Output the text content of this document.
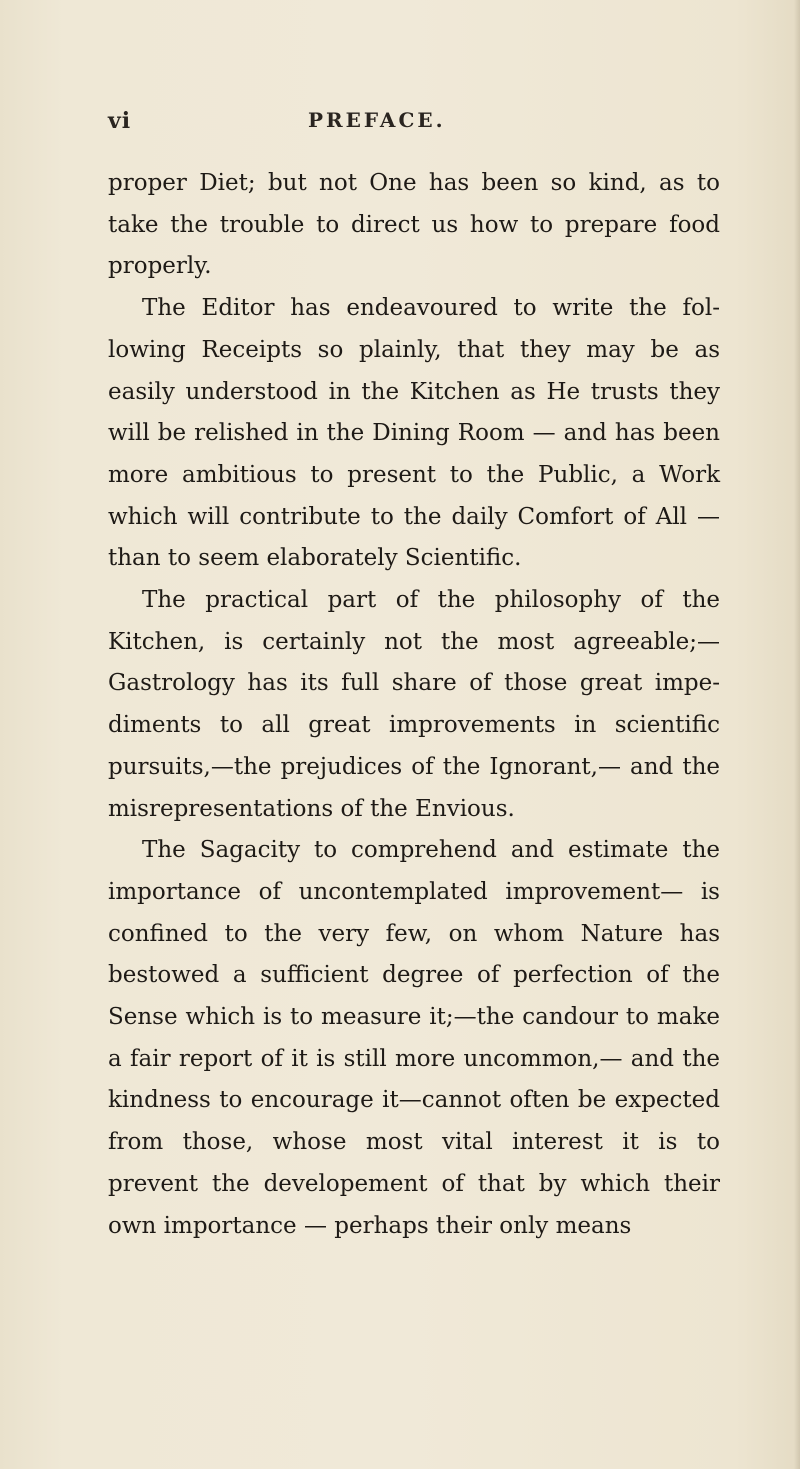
vi	PREFACE.

proper Diet; but not One has been so kind, as to take the trouble to direct us how to prepare food properly.

The Editor has endeavoured to write the fol-lowing Receipts so plainly, that they may be as easily understood in the Kitchen as He trusts they will be relished in the Dining Room — and has been more ambitious to present to the Public, a Work which will contribute to the daily Comfort of All — than to seem elaborately Scientific.

The practical part of the philosophy of the Kitchen, is certainly not the most agreeable;— Gastrology has its full share of those great impe-diments to all great improvements in scientific pursuits,—the prejudices of the Ignorant,— and the misrepresentations of the Envious.

The Sagacity to comprehend and estimate the importance of uncontemplated improvement— is confined to the very few, on whom Nature has bestowed a sufficient degree of perfection of the Sense which is to measure it;—the candour to make a fair report of it is still more uncommon,— and the kindness to encourage it—cannot often be expected from those, whose most vital interest it is to prevent the developement of that by which their own importance — perhaps their only means
